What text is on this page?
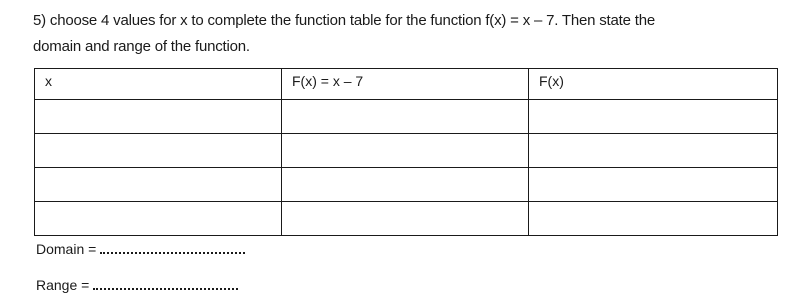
5) choose 4 values for x to complete the function table for the function f(x) = x – 7. Then state the
domain and range of the function.
x	F(x) = x – 7	F(x)

Domain =
Range =
